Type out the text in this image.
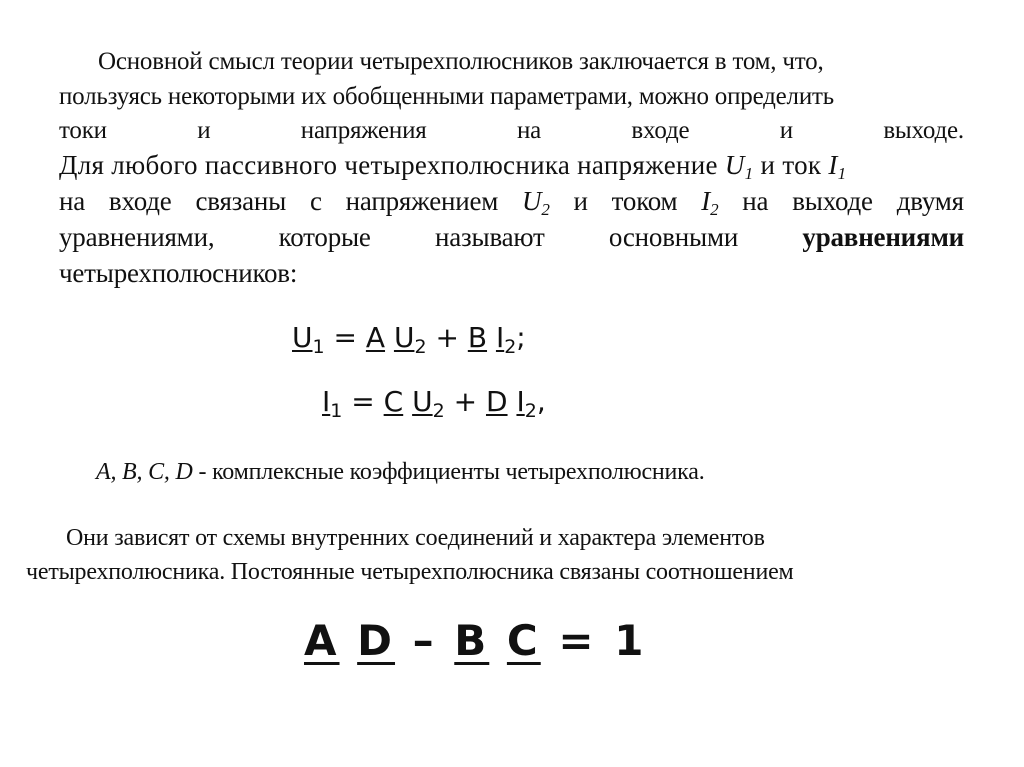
Основной смысл теории четырехполюсников заключается в том, что,
пользуясь некоторыми их обобщенными параметрами, можно определить
токи	и	напряжения	на	входе	и	выходе.
Для любого пассивного четырехполюсника напряжение U1 и ток I1
на входе связаны с напряжением U2 и током I2 на выходе двумя
уравнениями, которые называют основными уравнениями
четырехполюсников:
$U_1 = A$ $U_2 + B$ $I_2$;
$I_1 = C$ $U_2 + D$ $I_2$,
A, B, C, D - комплексные коэффициенты четырехполюсника.
Они зависят от схемы внутренних соединений и характера элементов
четырехполюсника. Постоянные четырехполюсника связаны соотношением
A D – B C = 1
